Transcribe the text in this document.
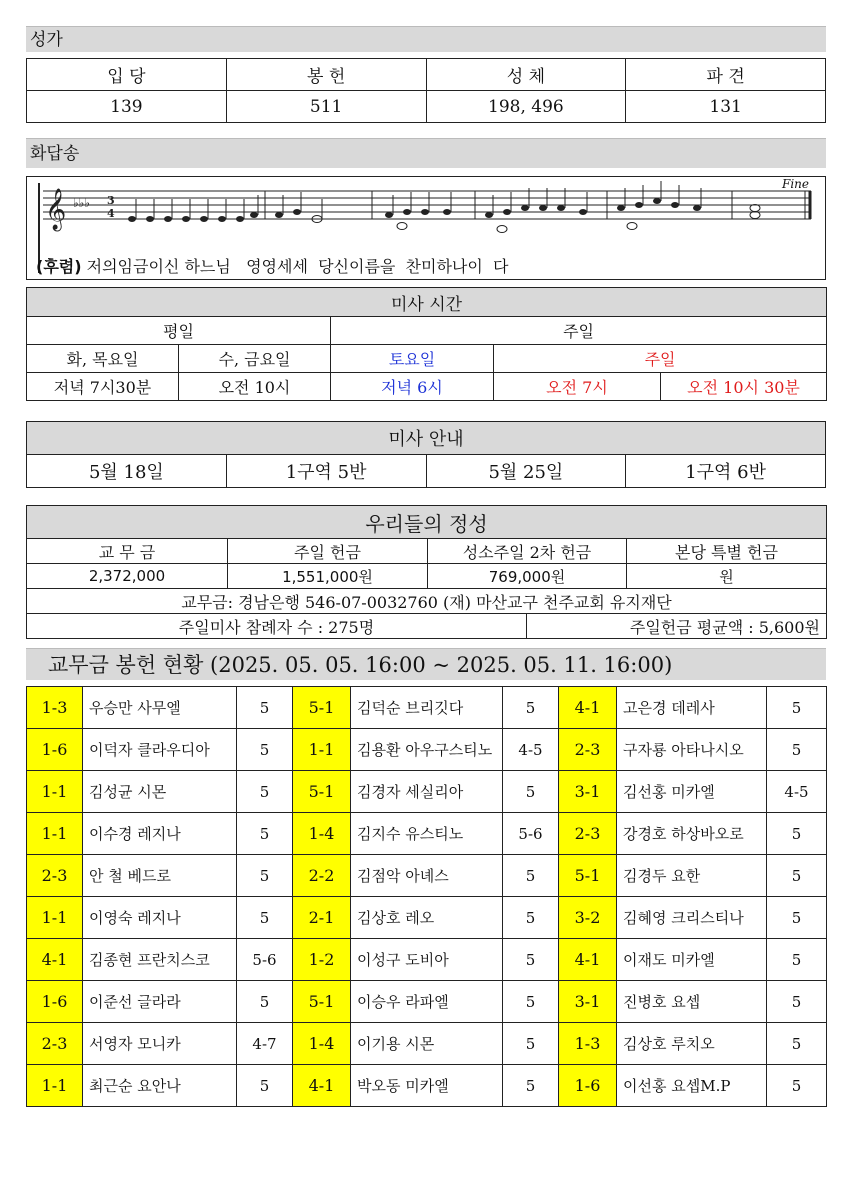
성가
입 당	봉 헌	성 체	파 견
139	511	198, 496	131
화답송
𝄞 ♭♭♭ 3
4
Fine
(후렴) 저의임금이신 하느님   영영세세  당신이름을  찬미하나이  다
미사 시간				
평일		주일		
화, 목요일	수, 금요일	토요일	주일	
저녁 7시30분	오전 10시	저녁 6시	오전 7시	오전 10시 30분
미사 안내
5월 18일	1구역 5반	5월 25일	1구역 6반
우리들의 정성				
교 무 금	주일 헌금	성소주일 2차 헌금		본당 특별 헌금
2,372,000	1,551,000원	769,000원		원
교무금: 경남은행 546-07-0032760 (재) 마산교구 천주교회 유지재단				
주일미사 참례자 수 : 275명			주일헌금 평균액 : 5,600원	
교무금 봉헌 현황 (2025. 05. 05. 16:00 ~ 2025. 05. 11. 16:00)
1-3	우승만 사무엘	5	5-1	김덕순 브리깃다	5	4-1	고은경 데레사	5
1-6	이덕자 클라우디아	5	1-1	김용환 아우구스티노	4-5	2-3	구자룡 아타나시오	5
1-1	김성균 시몬	5	5-1	김경자 세실리아	5	3-1	김선홍 미카엘	4-5
1-1	이수경 레지나	5	1-4	김지수 유스티노	5-6	2-3	강경호 하상바오로	5
2-3	안 철 베드로	5	2-2	김점악 아녜스	5	5-1	김경두 요한	5
1-1	이영숙 레지나	5	2-1	김상호 레오	5	3-2	김혜영 크리스티나	5
4-1	김종현 프란치스코	5-6	1-2	이성구 도비아	5	4-1	이재도 미카엘	5
1-6	이준선 글라라	5	5-1	이승우 라파엘	5	3-1	진병호 요셉	5
2-3	서영자 모니카	4-7	1-4	이기용 시몬	5	1-3	김상호 루치오	5
1-1	최근순 요안나	5	4-1	박오동 미카엘	5	1-6	이선홍 요셉M.P	5
